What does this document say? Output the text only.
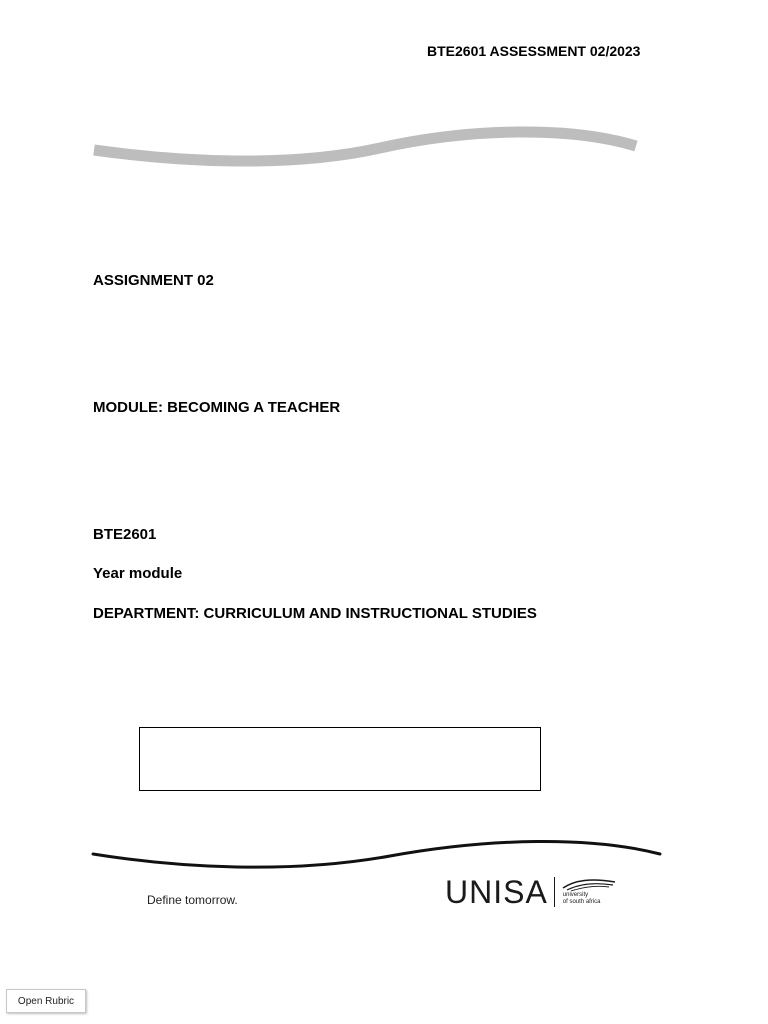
BTE2601 ASSESSMENT 02/2023
ASSIGNMENT 02
MODULE: BECOMING A TEACHER
BTE2601
Year module
DEPARTMENT: CURRICULUM AND INSTRUCTIONAL STUDIES
Define tomorrow.	UNISA	university
of south africa
Open Rubric
